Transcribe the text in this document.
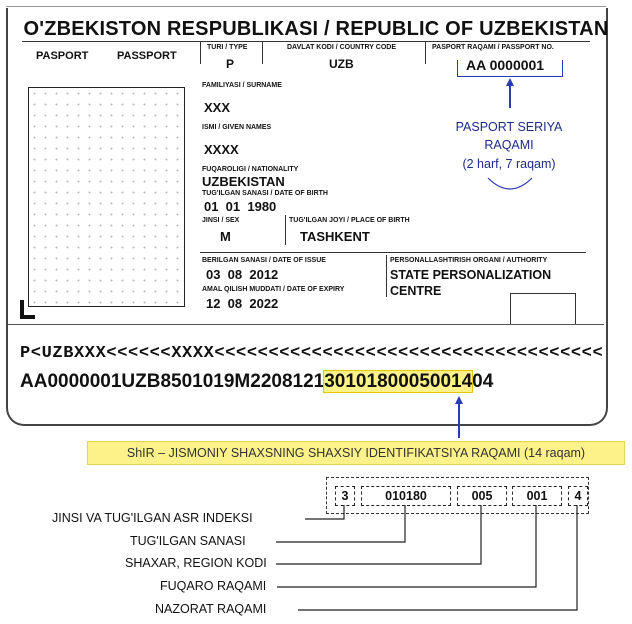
O'ZBEKISTON RESPUBLIKASI / REPUBLIC OF UZBEKISTAN
PASPORT	PASSPORT
TURI / TYPE
P
DAVLAT KODI / COUNTRY CODE
UZB
PASPORT RAQAMI / PASSPORT NO.
AA 0000001
FAMILIYASI / SURNAME
XXX
ISMI / GIVEN NAMES
XXXX
FUQAROLIGI / NATIONALITY
UZBEKISTAN
TUG'ILGAN SANASI / DATE OF BIRTH
01  01  1980
JINSI / SEX
M
TUG'ILGAN JOYI / PLACE OF BIRTH
TASHKENT
BERILGAN SANASI / DATE OF ISSUE
03  08  2012
AMAL QILISH MUDDATI / DATE OF EXPIRY
12  08  2022
PERSONALLASHTIRISH ORGANI / AUTHORITY
STATE PERSONALIZATION
CENTRE
P<UZBXXX<<<<<<XXXX<<<<<<<<<<<<<<<<<<<<<<<<<<<<<<<<<<<<
AA0000001UZB8501019M22081213010180005001404
PASPORT SERIYA
RAQAMI
(2 harf, 7 raqam)
ShIR – JISMONIY SHAXSNING SHAXSIY IDENTIFIKATSIYA RAQAMI (14 raqam)
3	010180	005	001	4
JINSI VA TUG'ILGAN ASR INDEKSI
TUG'ILGAN SANASI
SHAXAR, REGION KODI
FUQARO RAQAMI
NAZORAT RAQAMI
